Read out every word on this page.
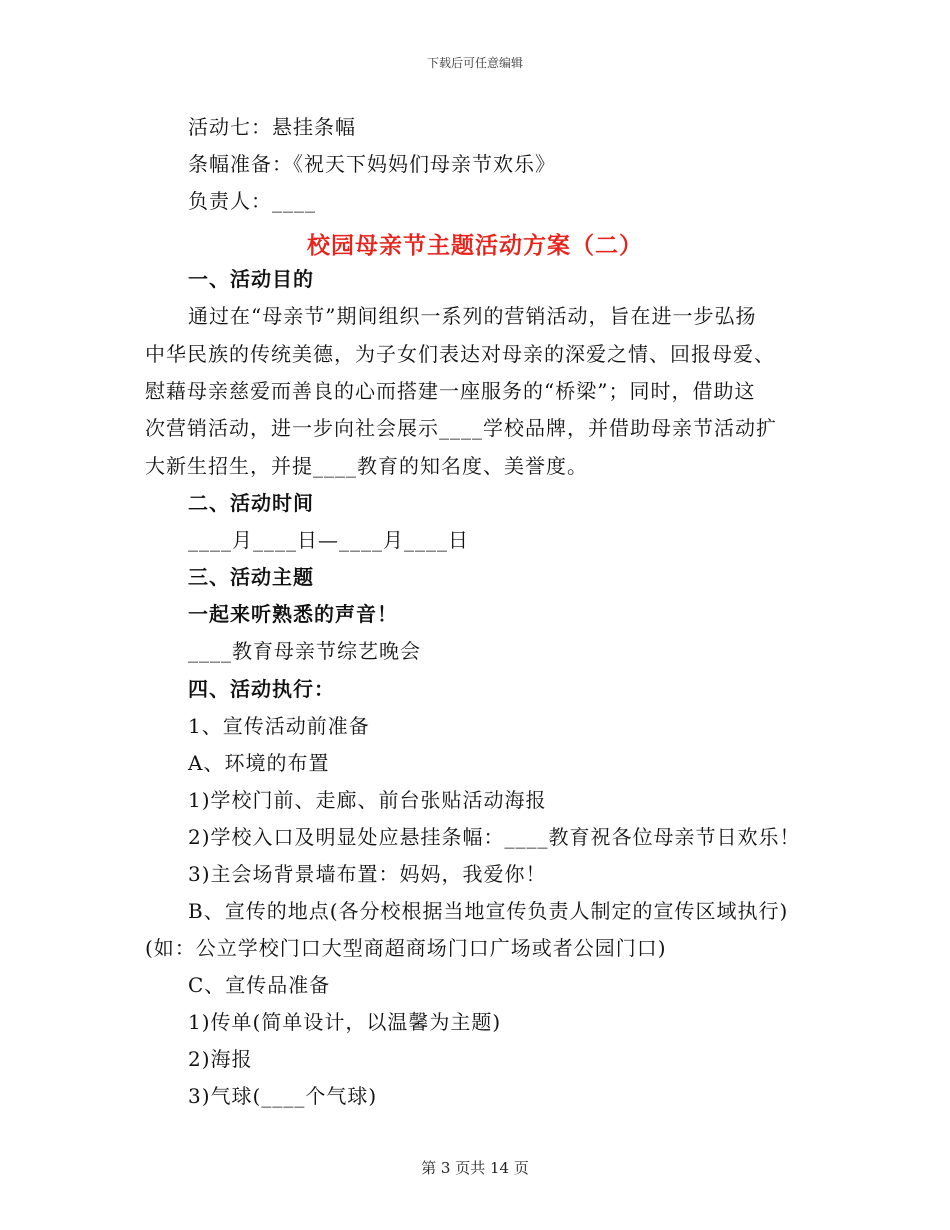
下载后可任意编辑
活动七：悬挂条幅
条幅准备：《祝天下妈妈们母亲节欢乐》
负责人：____
校园母亲节主题活动方案（二）
一、活动目的
通过在“母亲节”期间组织一系列的营销活动，旨在进一步弘扬
中华民族的传统美德，为子女们表达对母亲的深爱之情、回报母爱、
慰藉母亲慈爱而善良的心而搭建一座服务的“桥梁”；同时，借助这
次营销活动，进一步向社会展示____学校品牌，并借助母亲节活动扩
大新生招生，并提____教育的知名度、美誉度。
二、活动时间
____月____日—____月____日
三、活动主题
一起来听熟悉的声音！
____教育母亲节综艺晚会
四、活动执行：
1、宣传活动前准备
A、环境的布置
1)学校门前、走廊、前台张贴活动海报
2)学校入口及明显处应悬挂条幅：____教育祝各位母亲节日欢乐！
3)主会场背景墙布置：妈妈，我爱你！
B、宣传的地点(各分校根据当地宣传负责人制定的宣传区域执行)
(如：公立学校门口大型商超商场门口广场或者公园门口)
C、宣传品准备
1)传单(简单设计，以温馨为主题)
2)海报
3)气球(____个气球)
第 3 页共 14 页
